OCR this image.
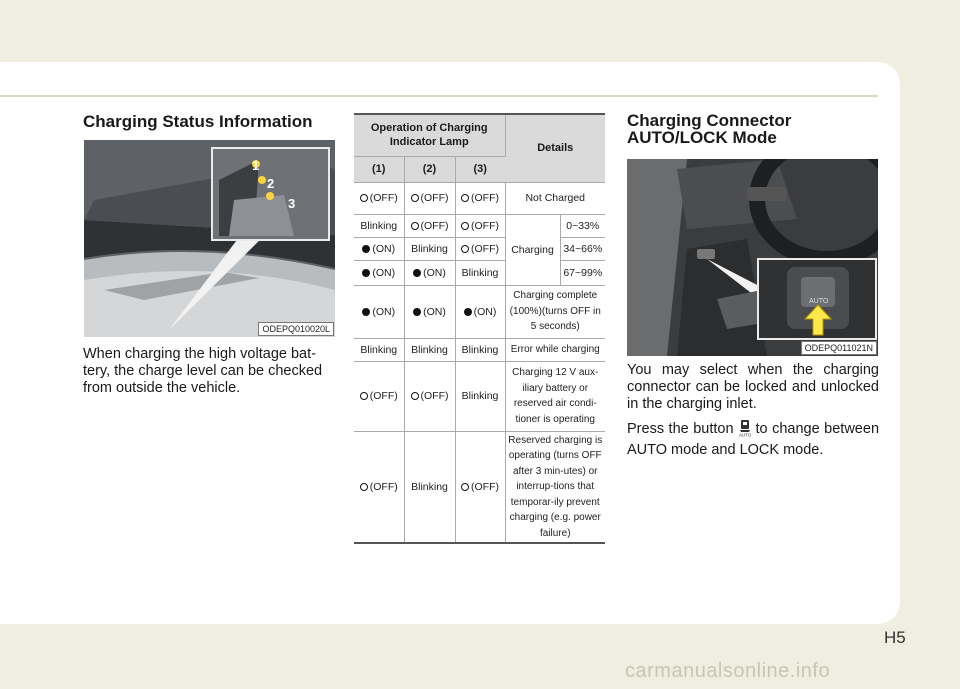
Charging Status Information
1
2
3
ODEPQ010020L
When charging the high voltage bat-tery, the charge level can be checked from outside the vehicle.
Operation of Charging Indicator Lamp			Details	
(1)	(2)	(3)		
(OFF)	(OFF)	(OFF)	Not Charged	
Blinking	(OFF)	(OFF)	Charging	0~33%
(ON)	Blinking	(OFF)		34~66%
(ON)	(ON)	Blinking		67~99%
(ON)	(ON)	(ON)	Charging complete (100%)(turns OFF in 5 seconds)	
Blinking	Blinking	Blinking	Error while charging	
(OFF)	(OFF)	Blinking	Charging 12 V aux-iliary battery or reserved air condi-tioner is operating	
(OFF)	Blinking	(OFF)	Reserved charging is operating (turns OFF after 3 min-utes) or interrup-tions that temporar-ily prevent charging (e.g. power failure)	
Charging Connector
AUTO/LOCK Mode
AUTO
ODEPQ011021N

You may select when the charging connector can be locked and unlocked in the charging inlet.

Press the button AUTO to change between AUTO mode and LOCK mode.

H5
carmanualsonline.info
